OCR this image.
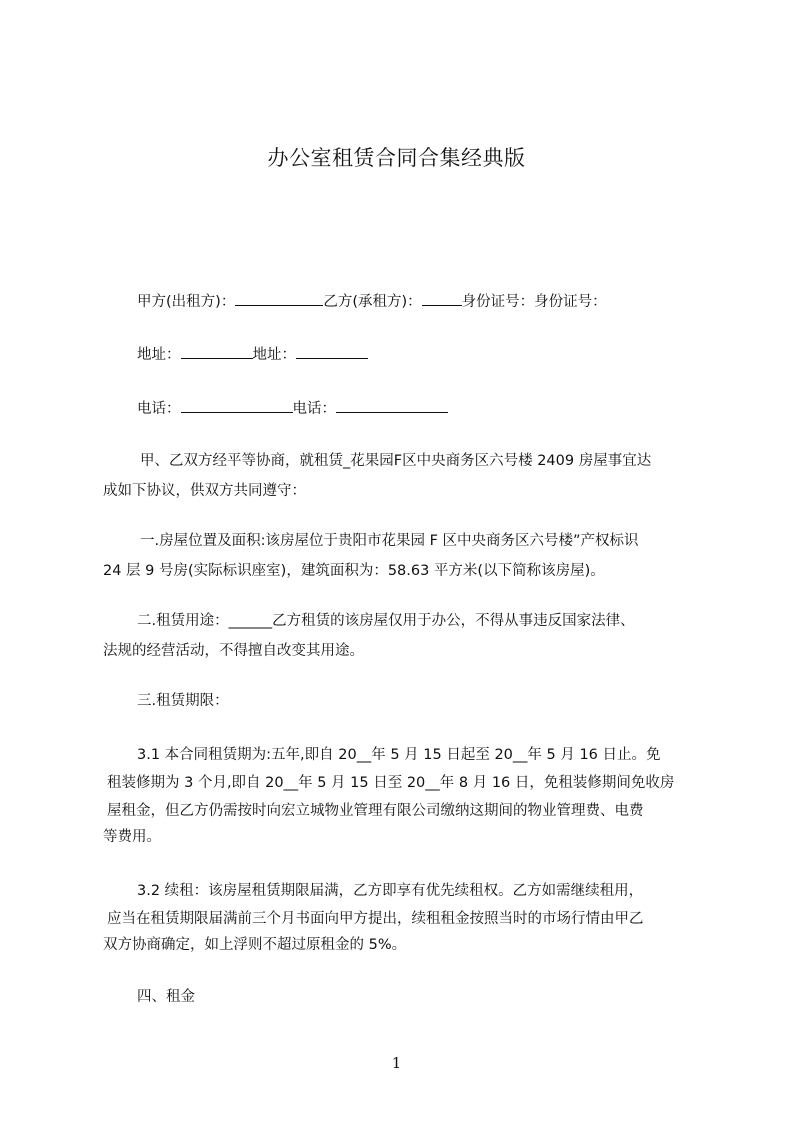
办公室租赁合同合集经典版

甲方(出租方)：	乙方(承租方)：	身份证号：身份证号：

地址：	地址：

电话：	电话：

甲、乙双方经平等协商，就租赁_花果园F区中央商务区六号楼 2409 房屋事宜达

成如下协议，供双方共同遵守：

一.房屋位置及面积:该房屋位于贵阳市花果园 F 区中央商务区六号楼”产权标识

24 层 9 号房(实际标识座室)，建筑面积为：58.63 平方米(以下简称该房屋)。

二.租赁用途：______乙方租赁的该房屋仅用于办公，不得从事违反国家法律、

法规的经营活动，不得擅自改变其用途。

三.租赁期限：

3.1 本合同租赁期为:五年,即自 20__年 5 月 15 日起至 20__年 5 月 16 日止。免

租装修期为 3 个月,即自 20__年 5 月 15 日至 20__年 8 月 16 日，免租装修期间免收房

屋租金，但乙方仍需按时向宏立城物业管理有限公司缴纳这期间的物业管理费、电费

等费用。

3.2 续租：该房屋租赁期限届满，乙方即享有优先续租权。乙方如需继续租用，

应当在租赁期限届满前三个月书面向甲方提出，续租租金按照当时的市场行情由甲乙

双方协商确定，如上浮则不超过原租金的 5%。

四、租金

1
